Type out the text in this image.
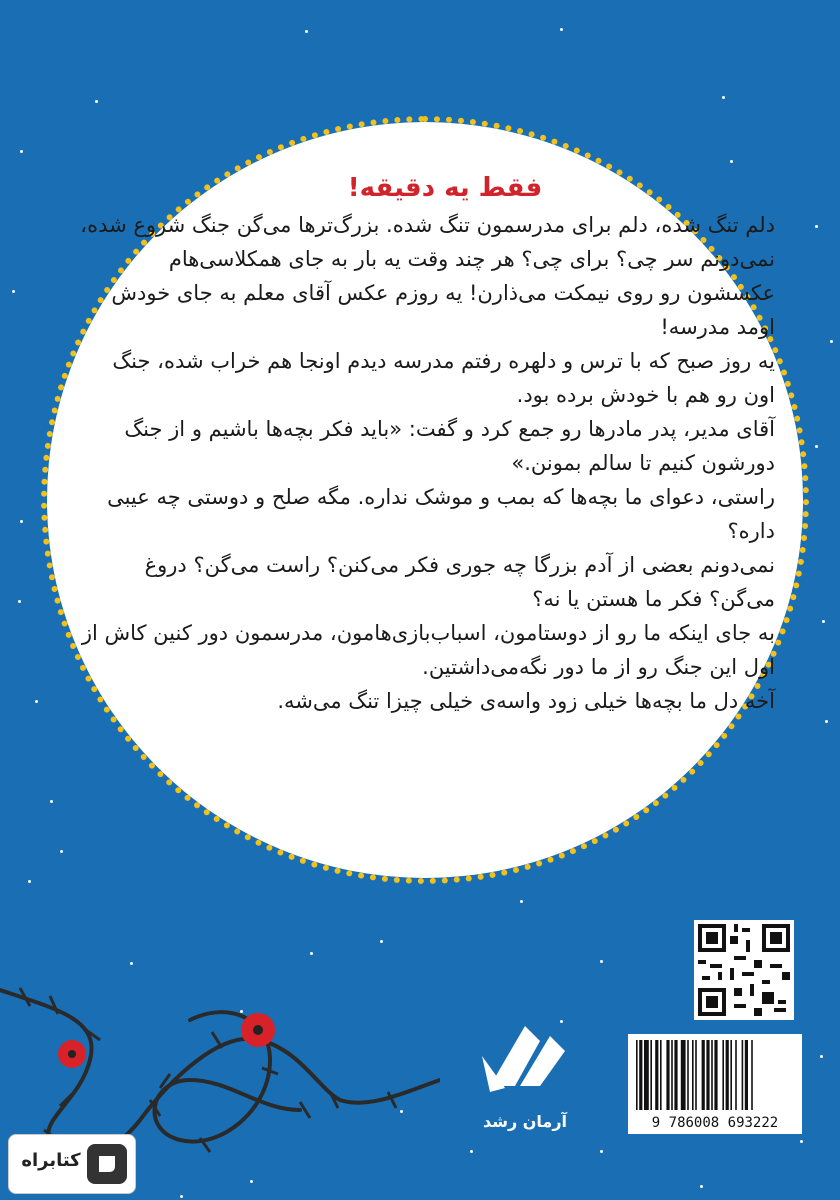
فقط یه دقیقه!
دلم تنگ شده، دلم برای مدرسمون تنگ شده. بزرگ‌ترها می‌گن جنگ شروع شده،
نمی‌دونم سر چی؟ برای چی؟ هر چند وقت یه بار به جای همکلاسی‌هام عکسشون رو روی نیمکت می‌ذارن! یه روزم عکس آقای معلم به جای خودش اومد مدرسه!
یه روز صبح که با ترس و دلهره رفتم مدرسه دیدم اونجا هم خراب شده، جنگ اون رو هم با خودش برده بود.
آقای مدیر، پدر مادرها رو جمع کرد و گفت: «باید فکر بچه‌ها باشیم و از جنگ دورشون کنیم تا سالم بمونن.»
راستی، دعوای ما بچه‌ها که بمب و موشک نداره. مگه صلح و دوستی چه عیبی داره؟
نمی‌دونم بعضی از آدم بزرگا چه جوری فکر می‌کنن؟ راست می‌گن؟ دروغ می‌گن؟ فکر ما هستن یا نه؟
به جای اینکه ما رو از دوستامون، اسباب‌بازی‌هامون، مدرسمون دور کنین کاش از اول این جنگ رو از ما دور نگه‌می‌داشتین.
آخه دل ما بچه‌ها خیلی زود واسه‌ی خیلی چیزا تنگ می‌شه.
آرمان رشد	9 786008 693222
کتابراه
